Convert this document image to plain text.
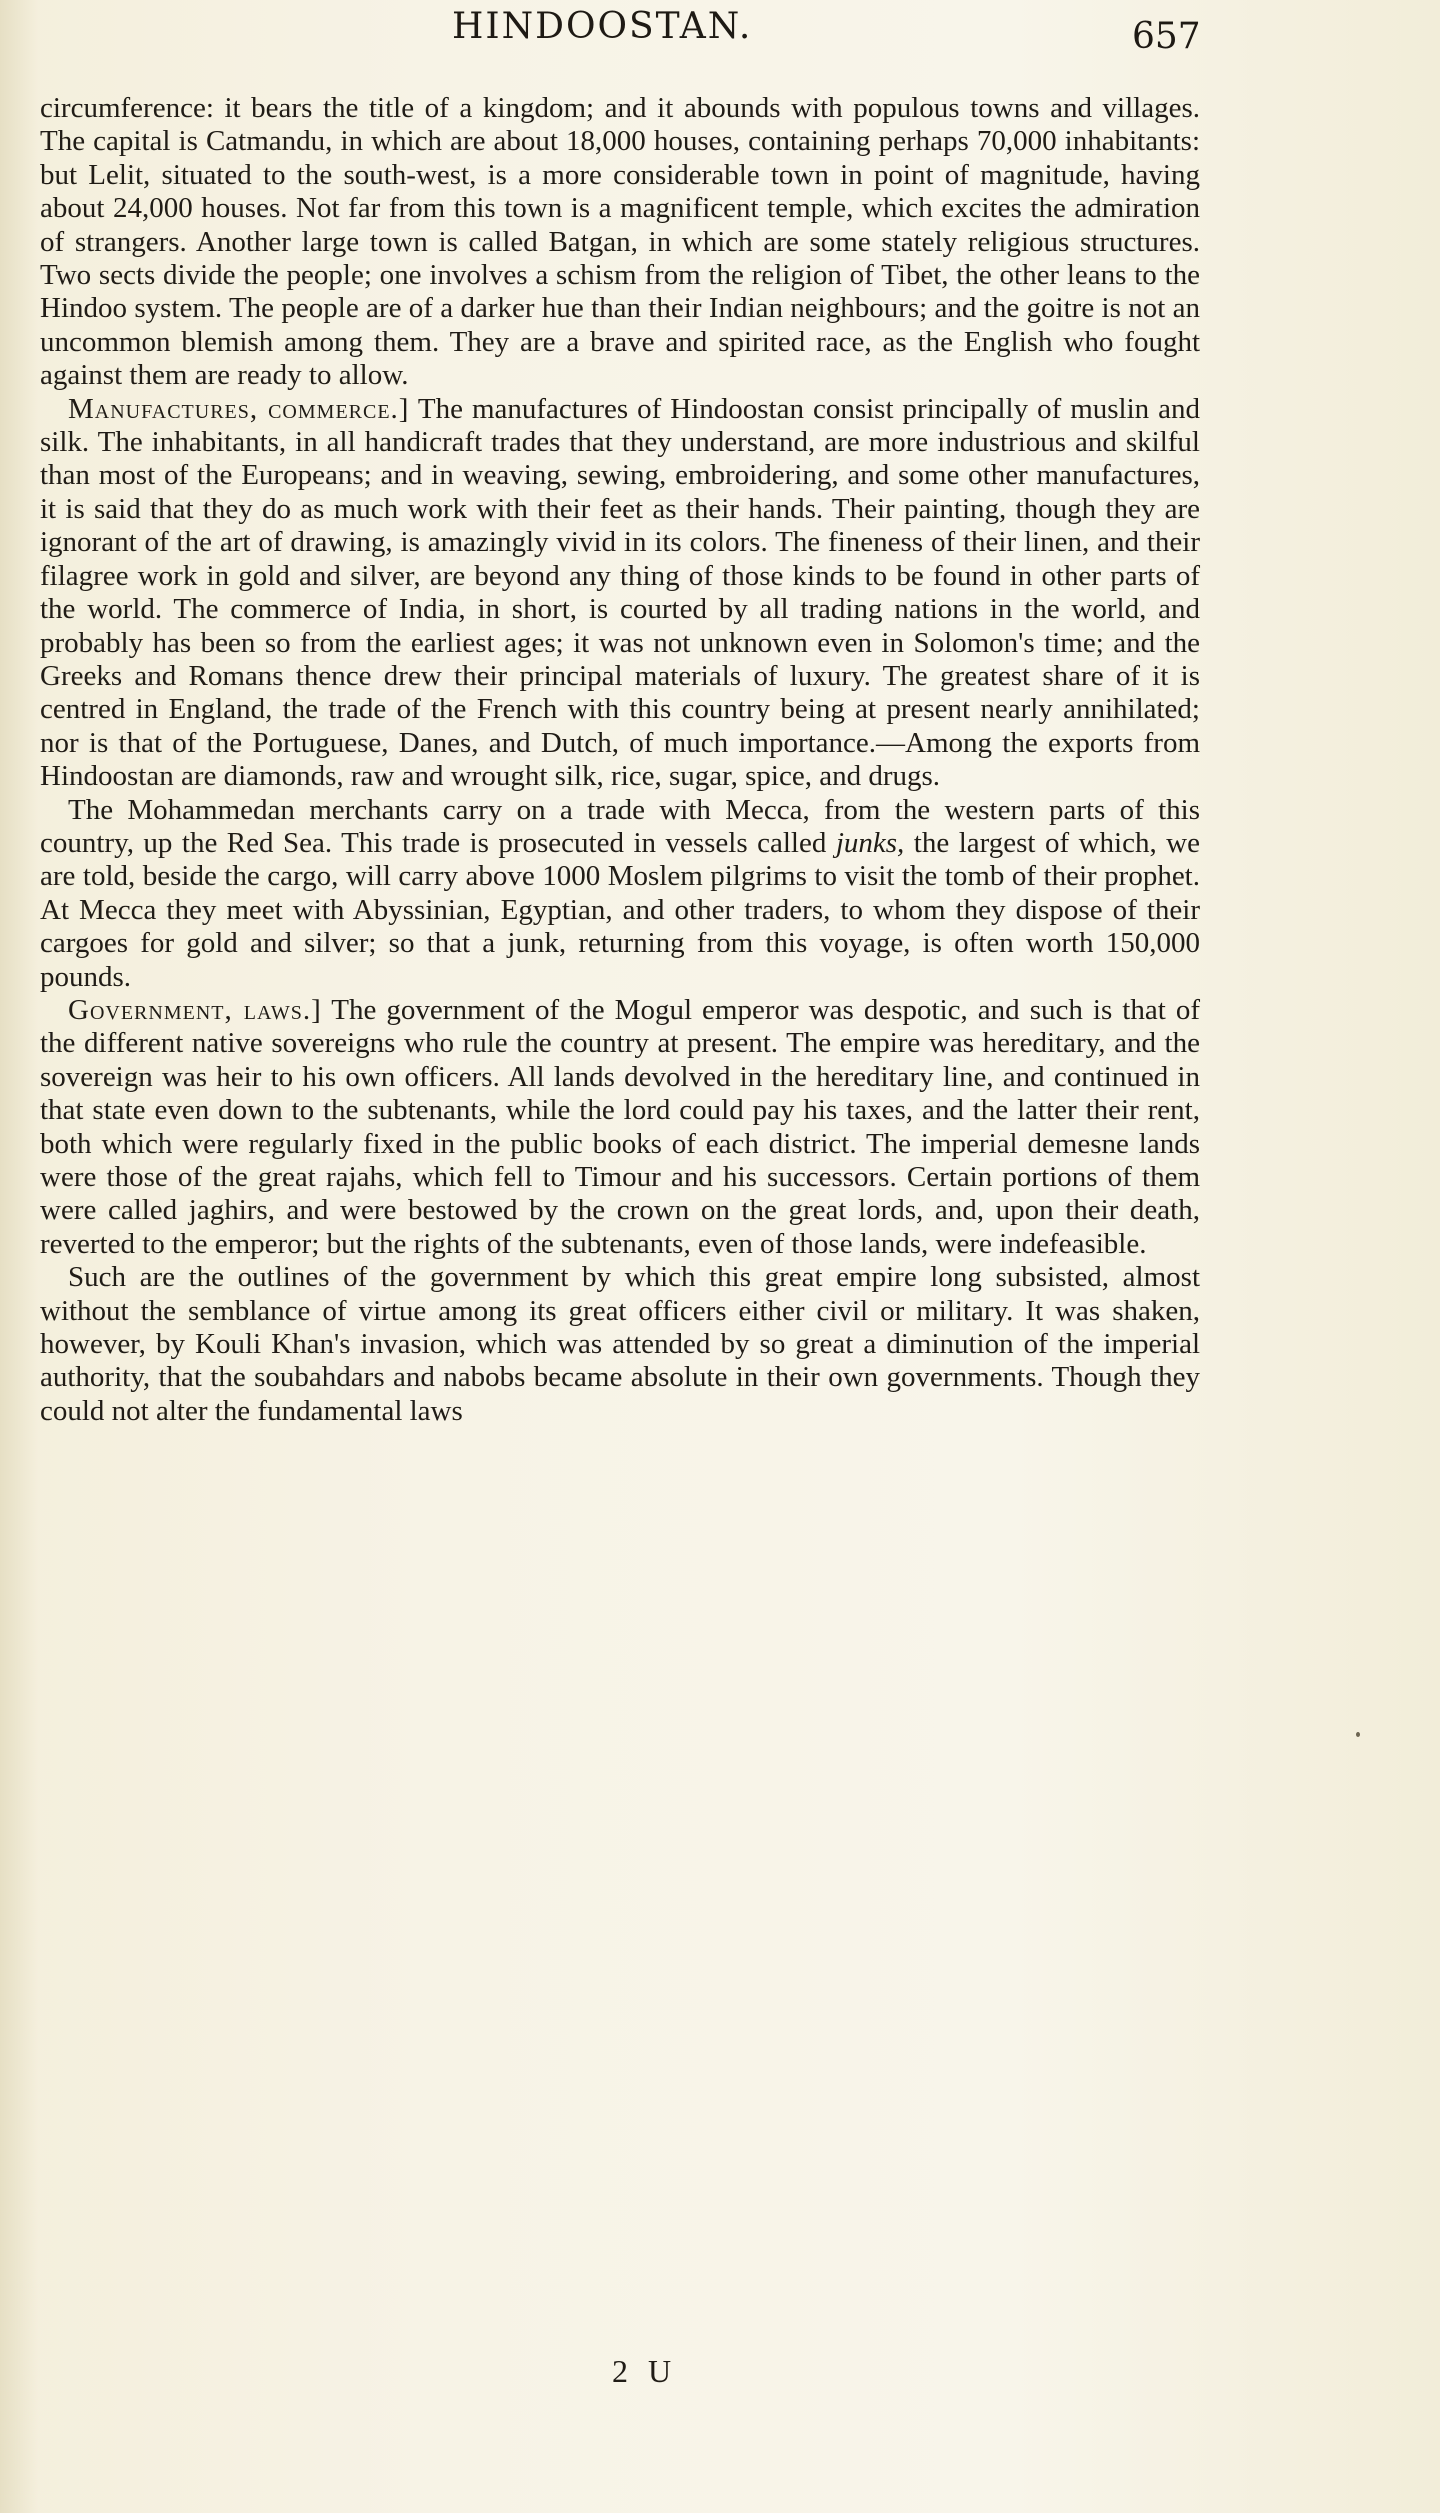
HINDOOSTAN.	657

circumference: it bears the title of a kingdom; and it abounds with populous towns and villages. The capital is Catmandu, in which are about 18,000 houses, containing perhaps 70,000 inhabitants: but Lelit, situated to the south-west, is a more considerable town in point of magnitude, having about 24,000 houses. Not far from this town is a magnificent temple, which excites the admiration of strangers. Another large town is called Batgan, in which are some stately religious structures. Two sects divide the people; one involves a schism from the religion of Tibet, the other leans to the Hindoo system. The people are of a darker hue than their Indian neighbours; and the goitre is not an uncommon blemish among them. They are a brave and spirited race, as the English who fought against them are ready to allow.

Manufactures, commerce.] The manufactures of Hindoostan consist principally of muslin and silk. The inhabitants, in all handicraft trades that they understand, are more industrious and skilful than most of the Europeans; and in weaving, sewing, embroidering, and some other manufactures, it is said that they do as much work with their feet as their hands. Their painting, though they are ignorant of the art of drawing, is amazingly vivid in its colors. The fineness of their linen, and their filagree work in gold and silver, are beyond any thing of those kinds to be found in other parts of the world. The commerce of India, in short, is courted by all trading nations in the world, and probably has been so from the earliest ages; it was not unknown even in Solomon's time; and the Greeks and Romans thence drew their principal materials of luxury. The greatest share of it is centred in England, the trade of the French with this country being at present nearly annihilated; nor is that of the Portuguese, Danes, and Dutch, of much importance.—Among the exports from Hindoostan are diamonds, raw and wrought silk, rice, sugar, spice, and drugs.

The Mohammedan merchants carry on a trade with Mecca, from the western parts of this country, up the Red Sea. This trade is prosecuted in vessels called junks, the largest of which, we are told, beside the cargo, will carry above 1000 Moslem pilgrims to visit the tomb of their prophet. At Mecca they meet with Abyssinian, Egyptian, and other traders, to whom they dispose of their cargoes for gold and silver; so that a junk, returning from this voyage, is often worth 150,000 pounds.

Government, laws.] The government of the Mogul emperor was despotic, and such is that of the different native sovereigns who rule the country at present. The empire was hereditary, and the sovereign was heir to his own officers. All lands devolved in the hereditary line, and continued in that state even down to the subtenants, while the lord could pay his taxes, and the latter their rent, both which were regularly fixed in the public books of each district. The imperial demesne lands were those of the great rajahs, which fell to Timour and his successors. Certain portions of them were called jaghirs, and were bestowed by the crown on the great lords, and, upon their death, reverted to the emperor; but the rights of the subtenants, even of those lands, were indefeasible.

Such are the outlines of the government by which this great empire long subsisted, almost without the semblance of virtue among its great officers either civil or military. It was shaken, however, by Kouli Khan's invasion, which was attended by so great a diminution of the imperial authority, that the soubahdars and nabobs became absolute in their own governments. Though they could not alter the fundamental laws

2 U
